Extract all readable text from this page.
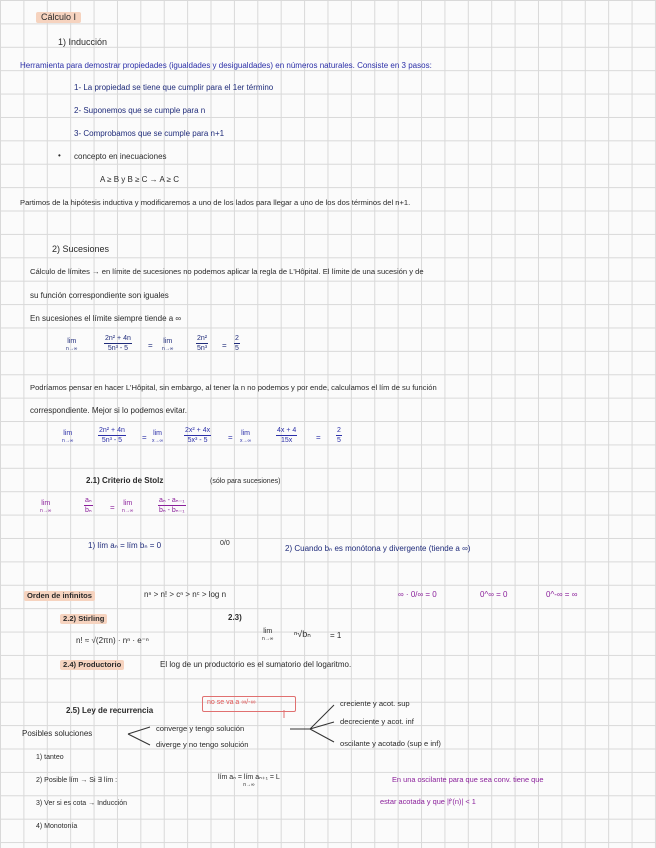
Cálculo I
1) Inducción
Herramienta para demostrar propiedades (igualdades y desigualdades) en números naturales. Consiste en 3 pasos:
1- La propiedad se tiene que cumplir para el 1er término
2- Suponemos que se cumple para n
3- Comprobamos que se cumple para n+1
• concepto en inecuaciones
A ≥ B y B ≥ C → A ≥ C
Partimos de la hipótesis inductiva y modificaremos a uno de los lados para llegar a uno de los dos términos del n+1.
2) Sucesiones
Cálculo de límites → en límite de sucesiones no podemos aplicar la regla de L'Hôpital. El límite de una sucesión y de
su función correspondiente son iguales
En sucesiones el límite siempre tiende a ∞
lim
n→∞	$\frac{\text{2n² + 4n}}{\text{5n³ - 5}} = \lim$
n→∞	$\frac{\text{2n²}}{\text{5n³}} = \frac{2}{5}$
Podríamos pensar en hacer L'Hôpital, sin embargo, al tener la n no podemos y por ende, calculamos el lím de su función
correspondiente. Mejor si lo podemos evitar.
lim
n→∞	$\frac{\text{2n² + 4n}}{\text{5n³ - 5}} = \lim$
x→∞	$\frac{\text{2x² + 4x}}{\text{5x³ - 5}} = \lim$
x→∞	$\frac{4x + 4}{15x} = \frac{2}{5}$
2.1) Criterio de Stolz	(sólo para sucesiones)
lim
n→∞	$\frac{\text{aₙ}}{\text{bₙ}} = \lim$
n→∞	$\frac{\text{aₙ - aₙ₋₁}}{\text{bₙ - bₙ₋₁}}$
1) lím aₙ = lím bₙ = 0	0/0
2) Cuando bₙ es monótona y divergente (tiende a ∞)
Orden de infinitos	nⁿ > n! > cⁿ > nᶜ > log n	∞ · 0/∞ = 0	0^∞ = 0	0^-∞ = ∞
2.2) Stirling
n! ≈ √(2πn) · nⁿ · e⁻ⁿ
2.3)
lim
n→∞ ⁿ√bₙ = 1
2.4) Productorio	El log de un productorio es el sumatorio del logaritmo.
2.5) Ley de recurrencia
no se va a ∞/-∞
Posibles soluciones
converge y tengo solución
diverge y no tengo solución
creciente y acot. sup
decreciente y acot. inf
oscilante y acotado (sup e inf)
1) tanteo
2) Posible lím → Si ∃ lím :	lím aₙ = lím aₙ₊₁ = L
n→∞
3) Ver si es cota → Inducción
4) Monotonía
En una oscilante para que sea conv. tiene que
estar acotada y que |f'(n)| < 1
